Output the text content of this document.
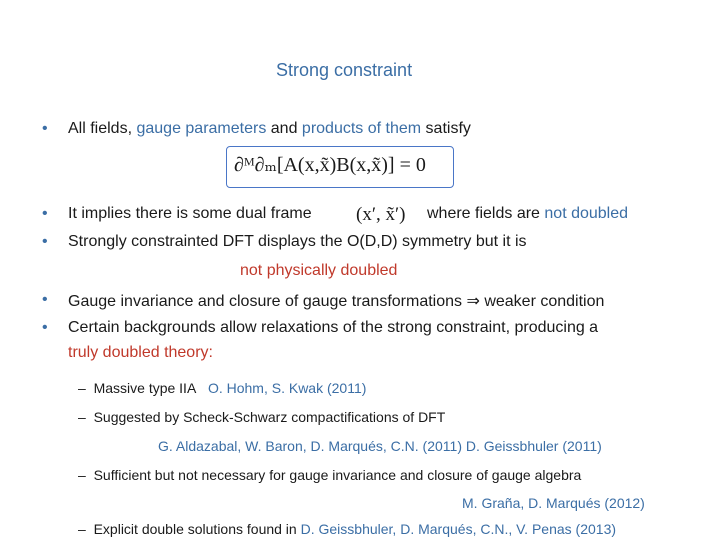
Strong constraint
• All fields, gauge parameters and products of them satisfy
∂ᴹ∂ₘ[A(x,x̃)B(x,x̃)] = 0
• It implies there is some dual frame (x′, x̃′) where fields are not doubled
• Strongly constrainted DFT displays the O(D,D) symmetry but it is
not physically doubled
• Gauge invariance and closure of gauge transformations ⇒ weaker condition
• Certain backgrounds allow relaxations of the strong constraint, producing a
truly doubled theory:
– Massive type IIA O. Hohm, S. Kwak (2011)
– Suggested by Scheck-Schwarz compactifications of DFT
G. Aldazabal, W. Baron, D. Marqués, C.N. (2011) D. Geissbhuler (2011)
– Sufficient but not necessary for gauge invariance and closure of gauge algebra
M. Graña, D. Marqués (2012)
– Explicit double solutions found in D. Geissbhuler, D. Marqués, C.N., V. Penas (2013)
